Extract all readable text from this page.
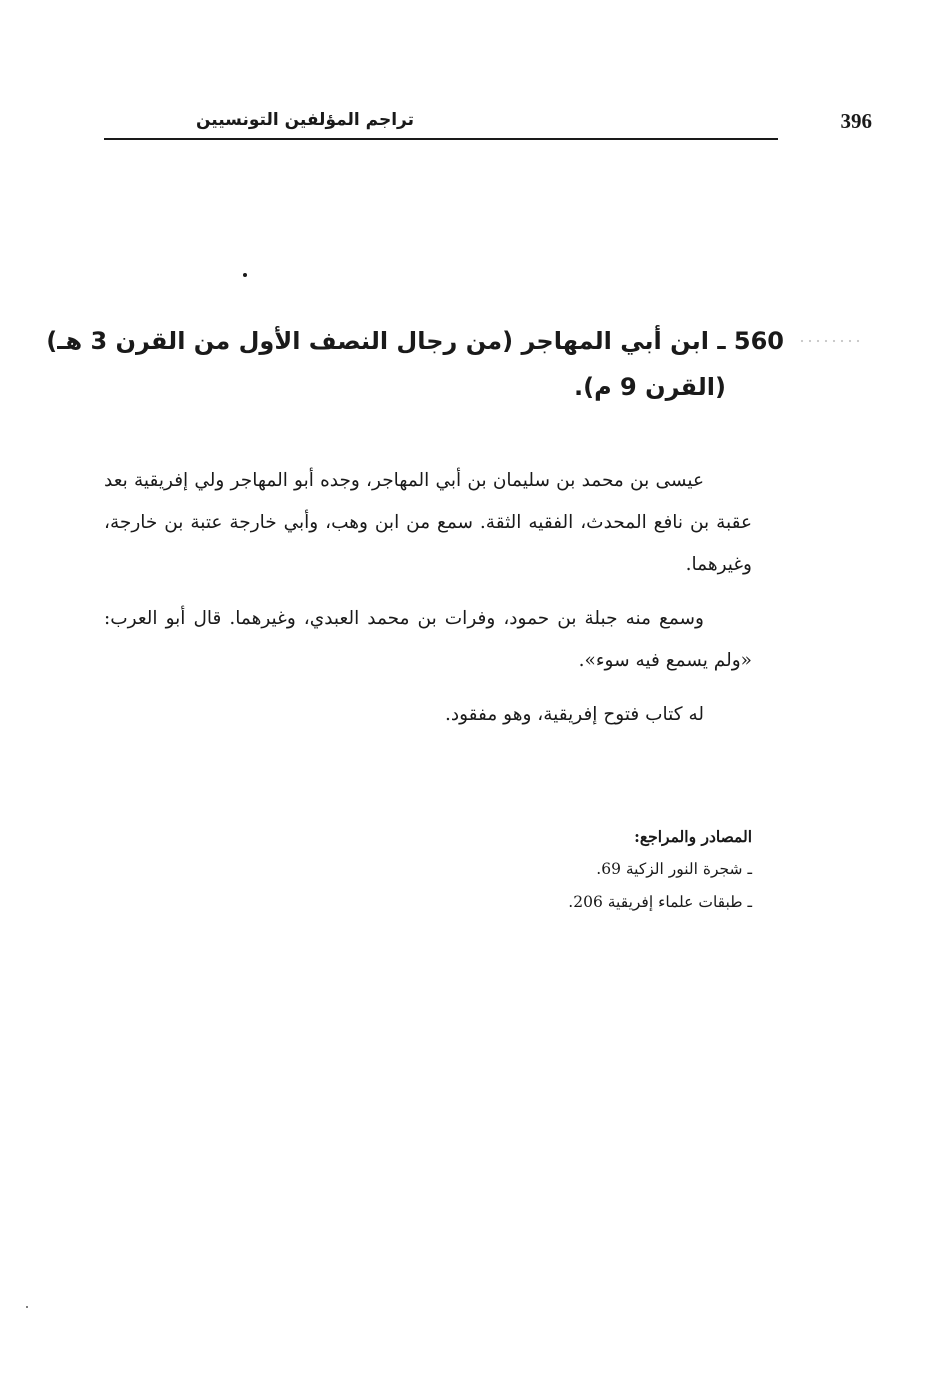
تراجم المؤلفين التونسيين	396
560 ـ ابن أبي المهاجر (من رجال النصف الأول من القرن 3 هـ)
(القرن 9 م).

عيسى بن محمد بن سليمان بن أبي المهاجر، وجده أبو المهاجر ولي إفريقية بعد عقبة بن نافع المحدث، الفقيه الثقة. سمع من ابن وهب، وأبي خارجة عتبة بن خارجة، وغيرهما.

وسمع منه جبلة بن حمود، وفرات بن محمد العبدي، وغيرهما. قال أبو العرب: «ولم يسمع فيه سوء».

له كتاب فتوح إفريقية، وهو مفقود.

المصادر والمراجع:
ـ شجرة النور الزكية 69.
ـ طبقات علماء إفريقية 206.
